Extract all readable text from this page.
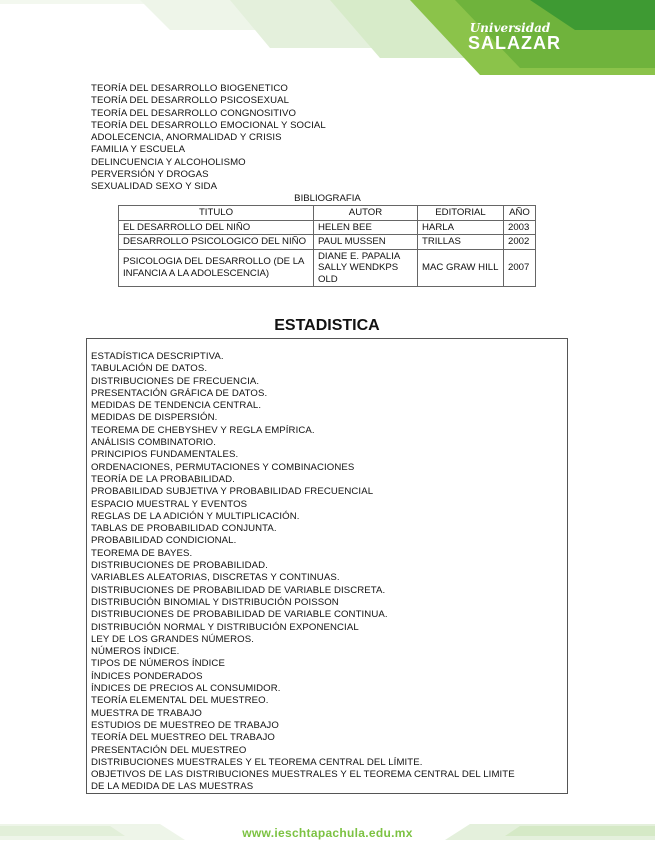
Universidad
SALAZAR
TEORÍA DEL DESARROLLO BIOGENETICO
TEORÍA DEL DESARROLLO PSICOSEXUAL
TEORÍA DEL DESARROLLO CONGNOSITIVO
TEORÍA DEL DESARROLLO EMOCIONAL Y SOCIAL
ADOLECENCIA, ANORMALIDAD Y CRISIS
FAMILIA Y ESCUELA
DELINCUENCIA Y ALCOHOLISMO
PERVERSIÓN Y DROGAS
SEXUALIDAD SEXO Y SIDA
BIBLIOGRAFIA
TITULO	AUTOR	EDITORIAL	AÑO
EL DESARROLLO DEL NIÑO	HELEN BEE	HARLA	2003
DESARROLLO PSICOLOGICO DEL NIÑO	PAUL MUSSEN	TRILLAS	2002
PSICOLOGIA DEL DESARROLLO (DE LA INFANCIA A LA ADOLESCENCIA)	DIANE E. PAPALIA SALLY WENDKPS OLD	MAC GRAW HILL	2007
ESTADISTICA
ESTADÍSTICA DESCRIPTIVA.
TABULACIÓN DE DATOS.
DISTRIBUCIONES DE FRECUENCIA.
PRESENTACIÓN GRÁFICA DE DATOS.
MEDIDAS DE TENDENCIA CENTRAL.
MEDIDAS DE DISPERSIÓN.
TEOREMA DE CHEBYSHEV Y REGLA EMPÍRICA.
ANÁLISIS COMBINATORIO.
PRINCIPIOS FUNDAMENTALES.
ORDENACIONES, PERMUTACIONES Y COMBINACIONES
TEORÍA DE LA PROBABILIDAD.
PROBABILIDAD SUBJETIVA Y PROBABILIDAD FRECUENCIAL
ESPACIO MUESTRAL Y EVENTOS
REGLAS DE LA ADICIÓN Y MULTIPLICACIÓN.
TABLAS DE PROBABILIDAD CONJUNTA.
PROBABILIDAD CONDICIONAL.
TEOREMA DE BAYES.
DISTRIBUCIONES DE PROBABILIDAD.
VARIABLES ALEATORIAS, DISCRETAS Y CONTINUAS.
DISTRIBUCIONES DE PROBABILIDAD DE VARIABLE DISCRETA.
DISTRIBUCIÓN BINOMIAL Y DISTRIBUCIÓN POISSON
DISTRIBUCIONES DE PROBABILIDAD DE VARIABLE CONTINUA.
DISTRIBUCIÓN NORMAL Y DISTRIBUCIÓN EXPONENCIAL
LEY DE LOS GRANDES NÚMEROS.
NÚMEROS ÍNDICE.
TIPOS DE NÚMEROS ÍNDICE
ÍNDICES PONDERADOS
ÍNDICES DE PRECIOS AL CONSUMIDOR.
TEORÍA ELEMENTAL DEL MUESTREO.
MUESTRA DE TRABAJO
ESTUDIOS DE MUESTREO DE TRABAJO
TEORÍA DEL MUESTREO DEL TRABAJO
PRESENTACIÓN DEL MUESTREO
DISTRIBUCIONES MUESTRALES Y EL TEOREMA CENTRAL DEL LÍMITE.
OBJETIVOS DE LAS DISTRIBUCIONES MUESTRALES Y EL TEOREMA CENTRAL DEL LIMITE
DE LA MEDIDA DE LAS MUESTRAS
www.ieschtapachula.edu.mx
